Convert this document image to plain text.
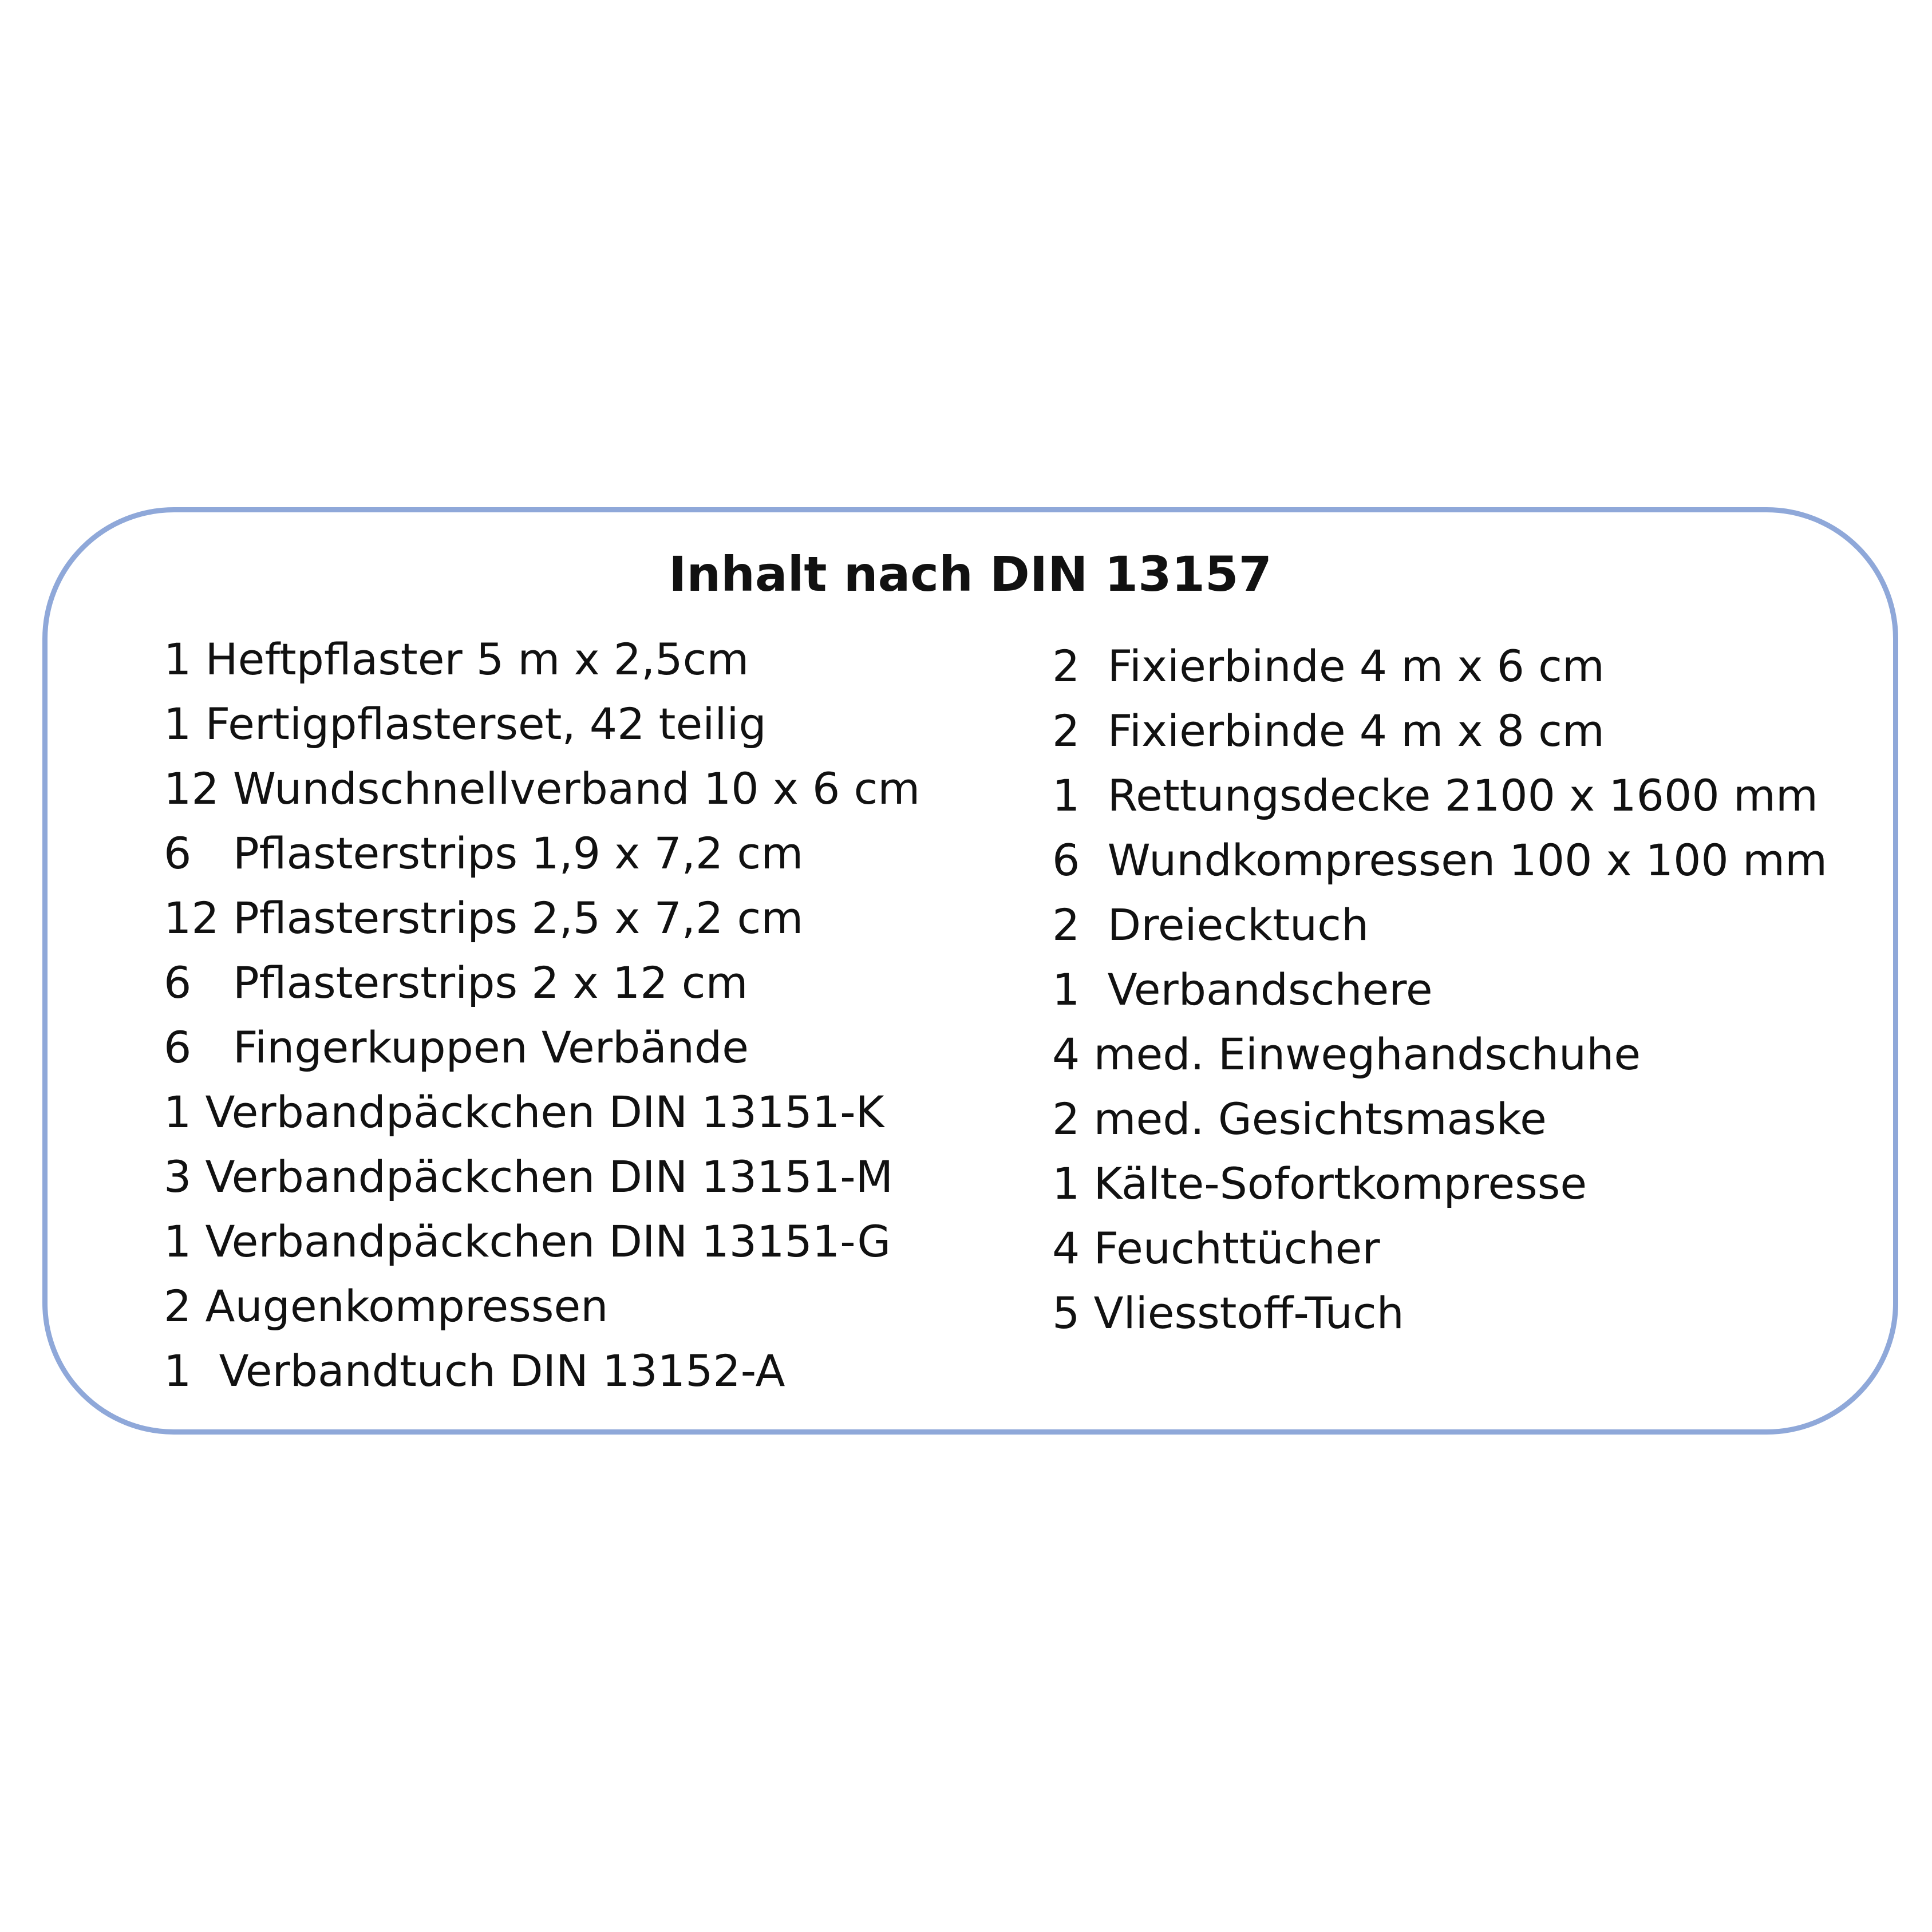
Inhalt nach DIN 13157
1 Heftpflaster 5 m x 2,5cm
1 Fertigpflasterset, 42 teilig
12 Wundschnellverband 10 x 6 cm
6   Pflasterstrips 1,9 x 7,2 cm
12 Pflasterstrips 2,5 x 7,2 cm
6   Pflasterstrips 2 x 12 cm
6   Fingerkuppen Verbände
1 Verbandpäckchen DIN 13151-K
3 Verbandpäckchen DIN 13151-M
1 Verbandpäckchen DIN 13151-G
2 Augenkompressen
1  Verbandtuch DIN 13152-A
2  Fixierbinde 4 m x 6 cm
2  Fixierbinde 4 m x 8 cm
1  Rettungsdecke 2100 x 1600 mm
6  Wundkompressen 100 x 100 mm
2  Dreiecktuch
1  Verbandschere
4 med. Einweghandschuhe
2 med. Gesichtsmaske
1 Kälte-Sofortkompresse
4 Feuchttücher
5 Vliesstoff-Tuch
